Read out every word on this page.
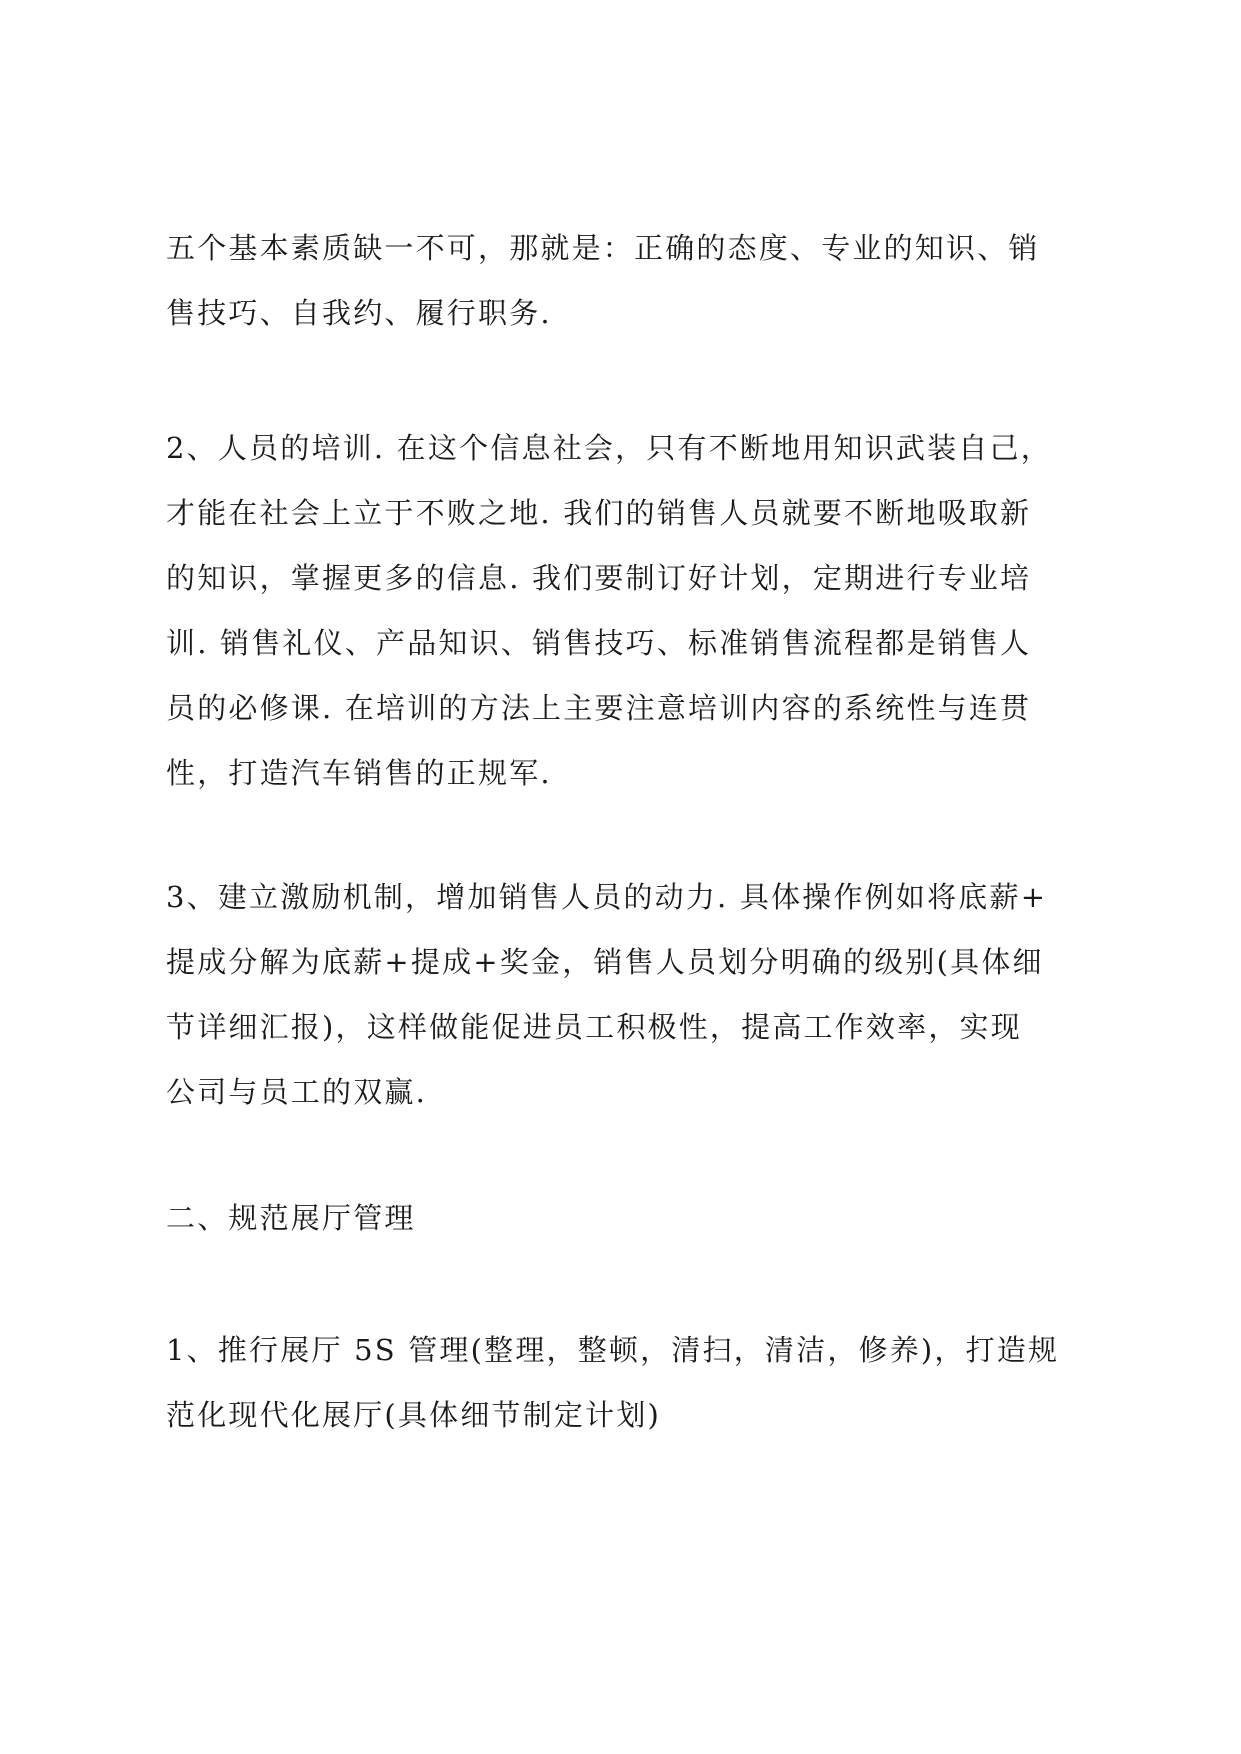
五个基本素质缺一不可，那就是：正确的态度、专业的知识、销
售技巧、自我约、履行职务.

2、人员的培训. 在这个信息社会，只有不断地用知识武装自己，
才能在社会上立于不败之地. 我们的销售人员就要不断地吸取新
的知识，掌握更多的信息. 我们要制订好计划，定期进行专业培
训. 销售礼仪、产品知识、销售技巧、标准销售流程都是销售人
员的必修课. 在培训的方法上主要注意培训内容的系统性与连贯
性，打造汽车销售的正规军.

3、建立激励机制，增加销售人员的动力. 具体操作例如将底薪+
提成分解为底薪+提成+奖金，销售人员划分明确的级别(具体细
节详细汇报)，这样做能促进员工积极性，提高工作效率，实现
公司与员工的双赢.

二、规范展厅管理

1、推行展厅 5S 管理(整理，整顿，清扫，清洁，修养)，打造规
范化现代化展厅(具体细节制定计划)
